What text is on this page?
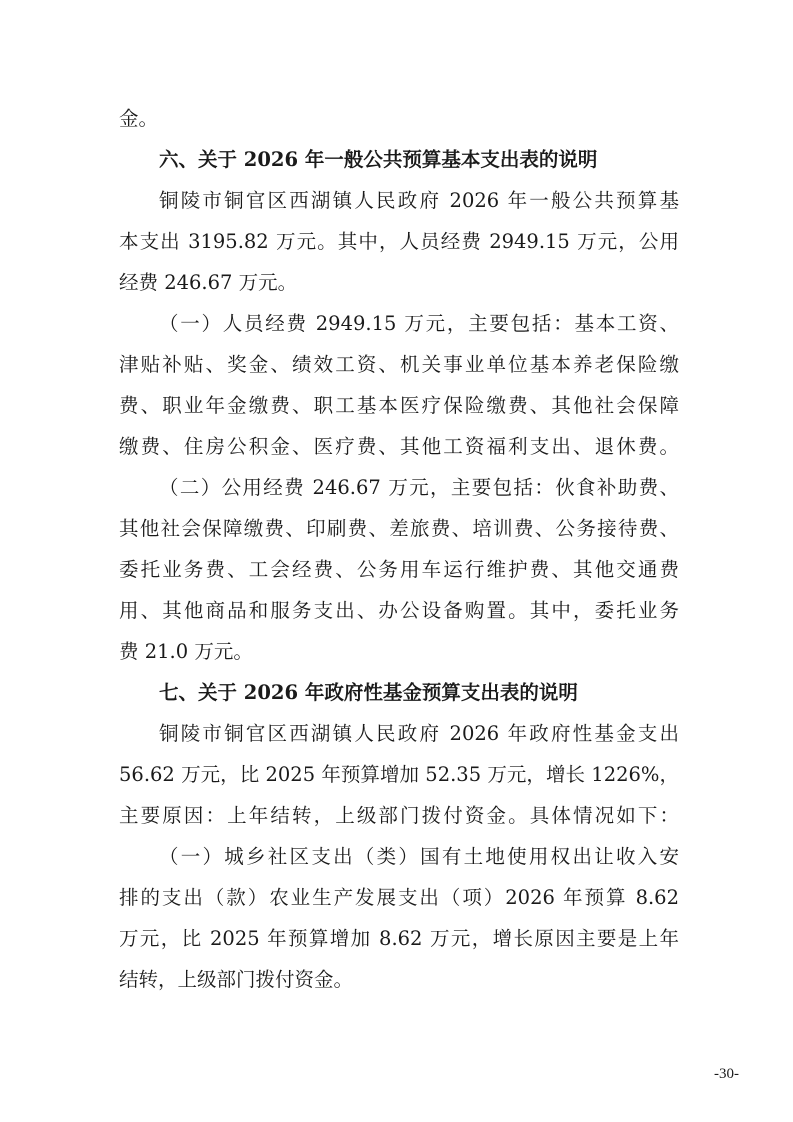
金。
六、关于 2026 年一般公共预算基本支出表的说明
铜陵市铜官区西湖镇人民政府 2026 年一般公共预算基
本支出 3195.82 万元。其中，人员经费 2949.15 万元，公用
经费 246.67 万元。
（一）人员经费 2949.15 万元，主要包括：基本工资、
津贴补贴、奖金、绩效工资、机关事业单位基本养老保险缴
费、职业年金缴费、职工基本医疗保险缴费、其他社会保障
缴费、住房公积金、医疗费、其他工资福利支出、退休费。
（二）公用经费 246.67 万元，主要包括：伙食补助费、
其他社会保障缴费、印刷费、差旅费、培训费、公务接待费、
委托业务费、工会经费、公务用车运行维护费、其他交通费
用、其他商品和服务支出、办公设备购置。其中，委托业务
费 21.0 万元。
七、关于 2026 年政府性基金预算支出表的说明
铜陵市铜官区西湖镇人民政府 2026 年政府性基金支出
56.62 万元，比 2025 年预算增加 52.35 万元，增长 1226%，
主要原因：上年结转，上级部门拨付资金。具体情况如下：
（一）城乡社区支出（类）国有土地使用权出让收入安
排的支出（款）农业生产发展支出（项）2026 年预算 8.62
万元，比 2025 年预算增加 8.62 万元，增长原因主要是上年
结转，上级部门拨付资金。
-30-
